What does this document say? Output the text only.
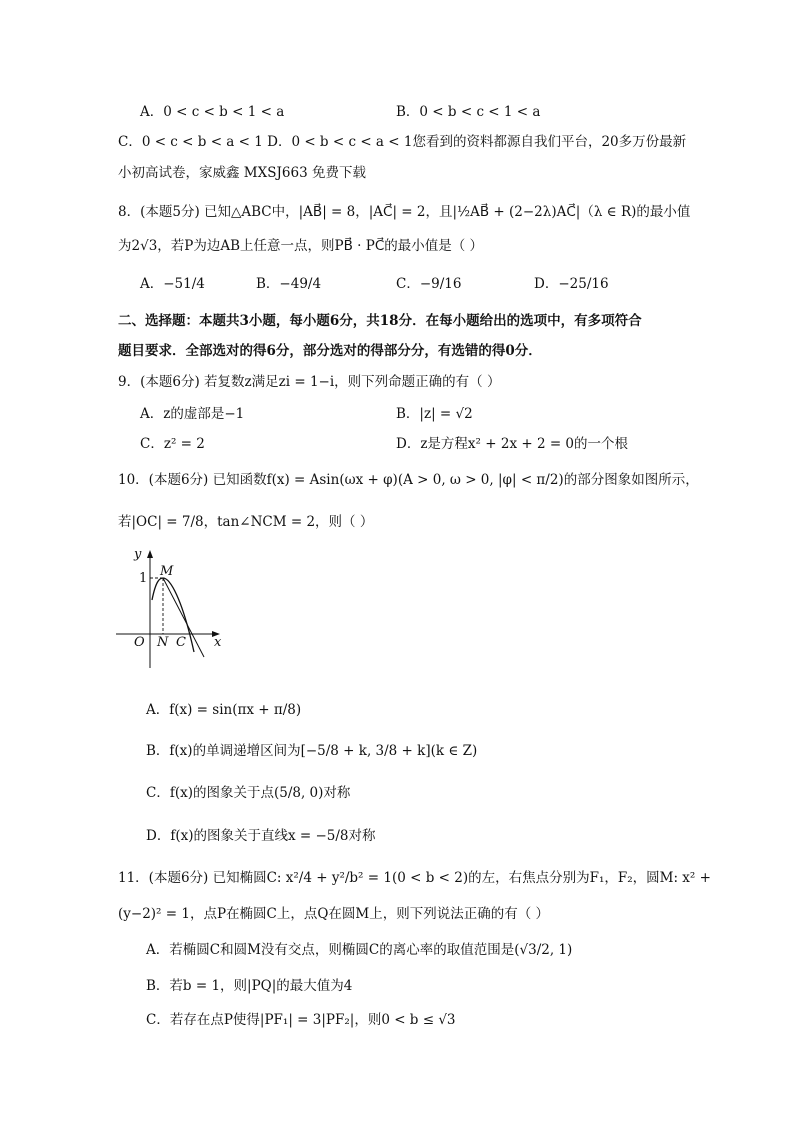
A．0 < c < b < 1 < a	B．0 < b < c < 1 < a
C．0 < c < b < a < 1 D．0 < b < c < a < 1您看到的资料都源自我们平台，20多万份最新
小初高试卷，家威鑫 MXSJ663 免费下载
8．(本题5分) 已知△ABC中，|AB⃗| = 8，|AC⃗| = 2，且|½AB⃗ + (2−2λ)AC⃗|（λ ∈ R)的最小值
为2√3，若P为边AB上任意一点，则PB⃗ · PC⃗的最小值是（ ）
A．−51/4	B．−49/4	C．−9/16	D．−25/16
二、选择题：本题共3小题，每小题6分，共18分．在每小题给出的选项中，有多项符合
题目要求．全部选对的得6分，部分选对的得部分分，有选错的得0分．
9．(本题6分) 若复数z满足zi = 1−i，则下列命题正确的有（ ）
A．z的虚部是−1	B．|z| = √2
C．z² = 2	D．z是方程x² + 2x + 2 = 0的一个根
10．(本题6分) 已知函数f(x) = Asin(ωx + φ)(A > 0, ω > 0, |φ| < π/2)的部分图象如图所示，
若|OC| = 7/8，tan∠NCM = 2，则（ ）
y
1 M
O N C x
A．f(x) = sin(πx + π/8)
B．f(x)的单调递增区间为[−5/8 + k, 3/8 + k](k ∈ Z)
C．f(x)的图象关于点(5/8, 0)对称
D．f(x)的图象关于直线x = −5/8对称
11．(本题6分) 已知椭圆C: x²/4 + y²/b² = 1(0 < b < 2)的左，右焦点分别为F₁，F₂，圆M: x² +
(y−2)² = 1，点P在椭圆C上，点Q在圆M上，则下列说法正确的有（ ）
A．若椭圆C和圆M没有交点，则椭圆C的离心率的取值范围是(√3/2, 1)
B．若b = 1，则|PQ|的最大值为4
C．若存在点P使得|PF₁| = 3|PF₂|，则0 < b ≤ √3
